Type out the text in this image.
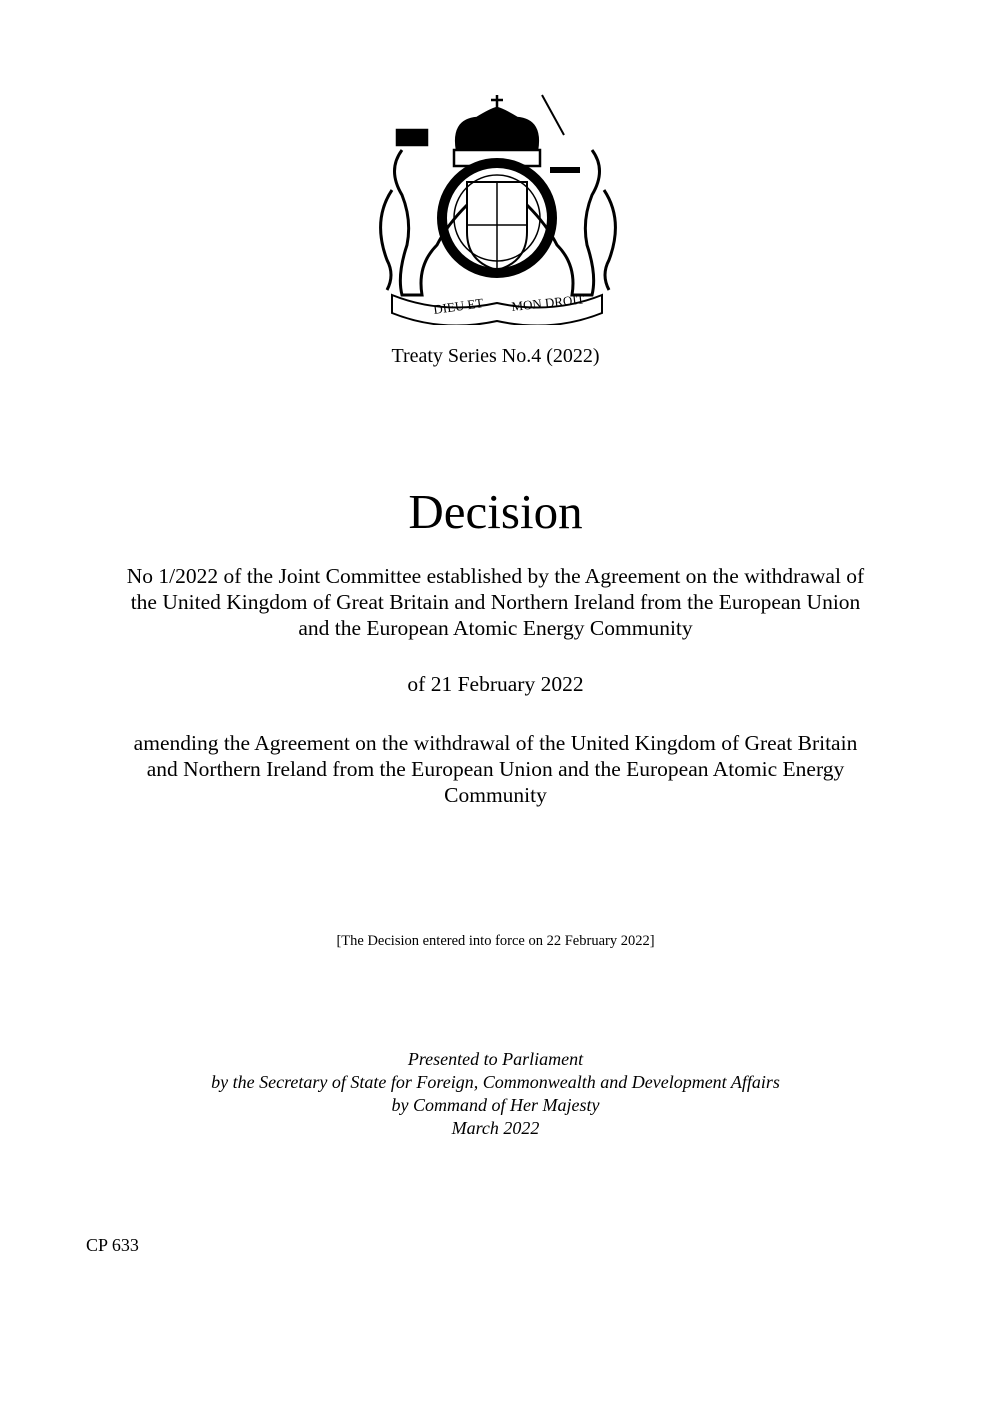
DIEU ET MON DROIT
Treaty Series No.4 (2022)
Decision
No 1/2022 of the Joint Committee established by the Agreement on the withdrawal of
the United Kingdom of Great Britain and Northern Ireland from the European Union
and the European Atomic Energy Community
of 21 February 2022
amending the Agreement on the withdrawal of the United Kingdom of Great Britain
and Northern Ireland from the European Union and the European Atomic Energy
Community
[The Decision entered into force on 22 February 2022]
Presented to Parliament
by the Secretary of State for Foreign, Commonwealth and Development Affairs
by Command of Her Majesty
March 2022
CP 633
